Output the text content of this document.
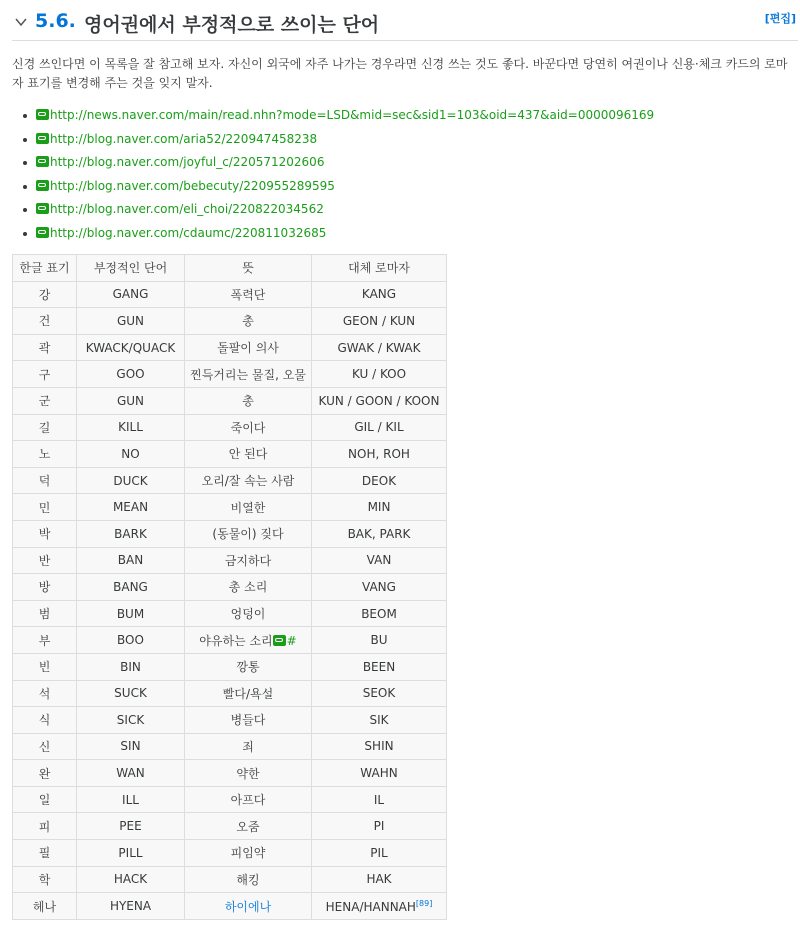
5.6. 영어권에서 부정적으로 쓰이는 단어	[편집]
신경 쓰인다면 이 목록을 잘 참고해 보자. 자신이 외국에 자주 나가는 경우라면 신경 쓰는 것도 좋다. 바꾼다면 당연히 여권이나 신용·체크 카드의 로마자 표기를 변경해 주는 것을 잊지 말자.
http://news.naver.com/main/read.nhn?mode=LSD&mid=sec&sid1=103&oid=437&aid=0000096169
http://blog.naver.com/aria52/220947458238
http://blog.naver.com/joyful_c/220571202606
http://blog.naver.com/bebecuty/220955289595
http://blog.naver.com/eli_choi/220822034562
http://blog.naver.com/cdaumc/220811032685
한글 표기	부정적인 단어	뜻	대체 로마자
강	GANG	폭력단	KANG
건	GUN	총	GEON / KUN
곽	KWACK/QUACK	돌팔이 의사	GWAK / KWAK
구	GOO	찐득거리는 물질, 오물	KU / KOO
군	GUN	총	KUN / GOON / KOON
길	KILL	죽이다	GIL / KIL
노	NO	안 된다	NOH, ROH
덕	DUCK	오리/잘 속는 사람	DEOK
민	MEAN	비열한	MIN
박	BARK	(동물이) 짖다	BAK, PARK
반	BAN	금지하다	VAN
방	BANG	총 소리	VANG
범	BUM	엉덩이	BEOM
부	BOO	야유하는 소리 #	BU
빈	BIN	깡통	BEEN
석	SUCK	빨다/욕설	SEOK
식	SICK	병들다	SIK
신	SIN	죄	SHIN
완	WAN	약한	WAHN
일	ILL	아프다	IL
피	PEE	오줌	PI
필	PILL	피임약	PIL
학	HACK	해킹	HAK
헤나	HYENA	하이에나	HENA/HANNAH[89]
